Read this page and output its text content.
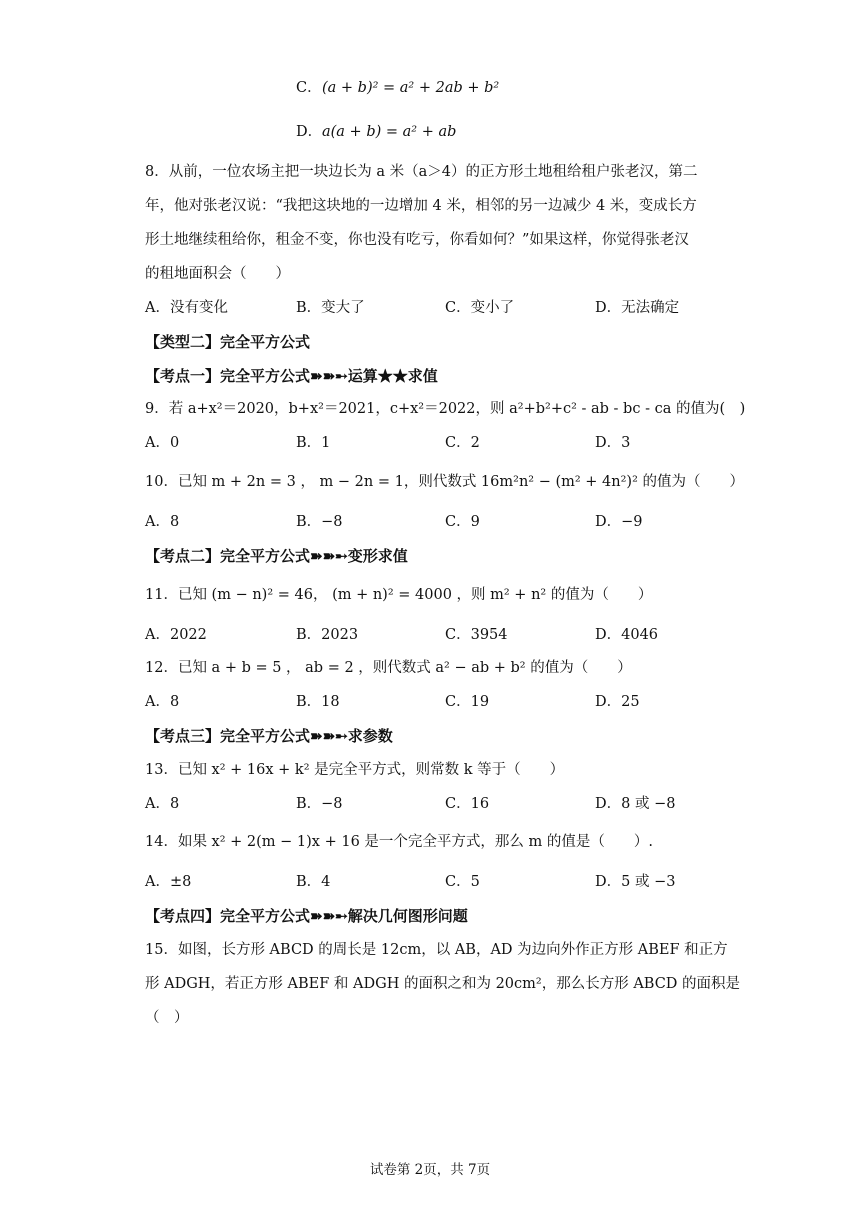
C． (a + b)² = a² + 2ab + b²
D． a(a + b) = a² + ab
8．从前，一位农场主把一块边长为 a 米（a＞4）的正方形土地租给租户张老汉，第二
年，他对张老汉说：“我把这块地的一边增加 4 米，相邻的另一边减少 4 米，变成长方
形土地继续租给你，租金不变，你也没有吃亏，你看如何？”如果这样，你觉得张老汉
的租地面积会（　　）
A．没有变化	B．变大了	C．变小了	D．无法确定
【类型二】完全平方公式
【考点一】完全平方公式➽➽➸运算★★求值
9．若 a+x²＝2020，b+x²＝2021，c+x²＝2022，则 a²+b²+c² - ab - bc - ca 的值为(　)
A．0	B．1	C．2	D．3
10．已知 m + 2n = 3 ， m − 2n = 1，则代数式 16m²n² − (m² + 4n²)² 的值为（　　）
A．8	B．−8	C．9	D．−9
【考点二】完全平方公式➽➽➸变形求值
11．已知 (m − n)² = 46， (m + n)² = 4000 ，则 m² + n² 的值为（　　）
A．2022	B．2023	C．3954	D．4046
12．已知 a + b = 5 ， ab = 2 ，则代数式 a² − ab + b² 的值为（　　）
A．8	B．18	C．19	D．25
【考点三】完全平方公式➽➽➸求参数
13．已知 x² + 16x + k² 是完全平方式，则常数 k 等于（　　）
A．8	B．−8	C．16	D．8 或 −8
14．如果 x² + 2(m − 1)x + 16 是一个完全平方式，那么 m 的值是（　　）.
A．±8	B．4	C．5	D．5 或 −3
【考点四】完全平方公式➽➽➸解决几何图形问题
15．如图，长方形 ABCD 的周长是 12cm，以 AB，AD 为边向外作正方形 ABEF 和正方
形 ADGH，若正方形 ABEF 和 ADGH 的面积之和为 20cm²，那么长方形 ABCD 的面积是
（　）
试卷第 2页，共 7页
